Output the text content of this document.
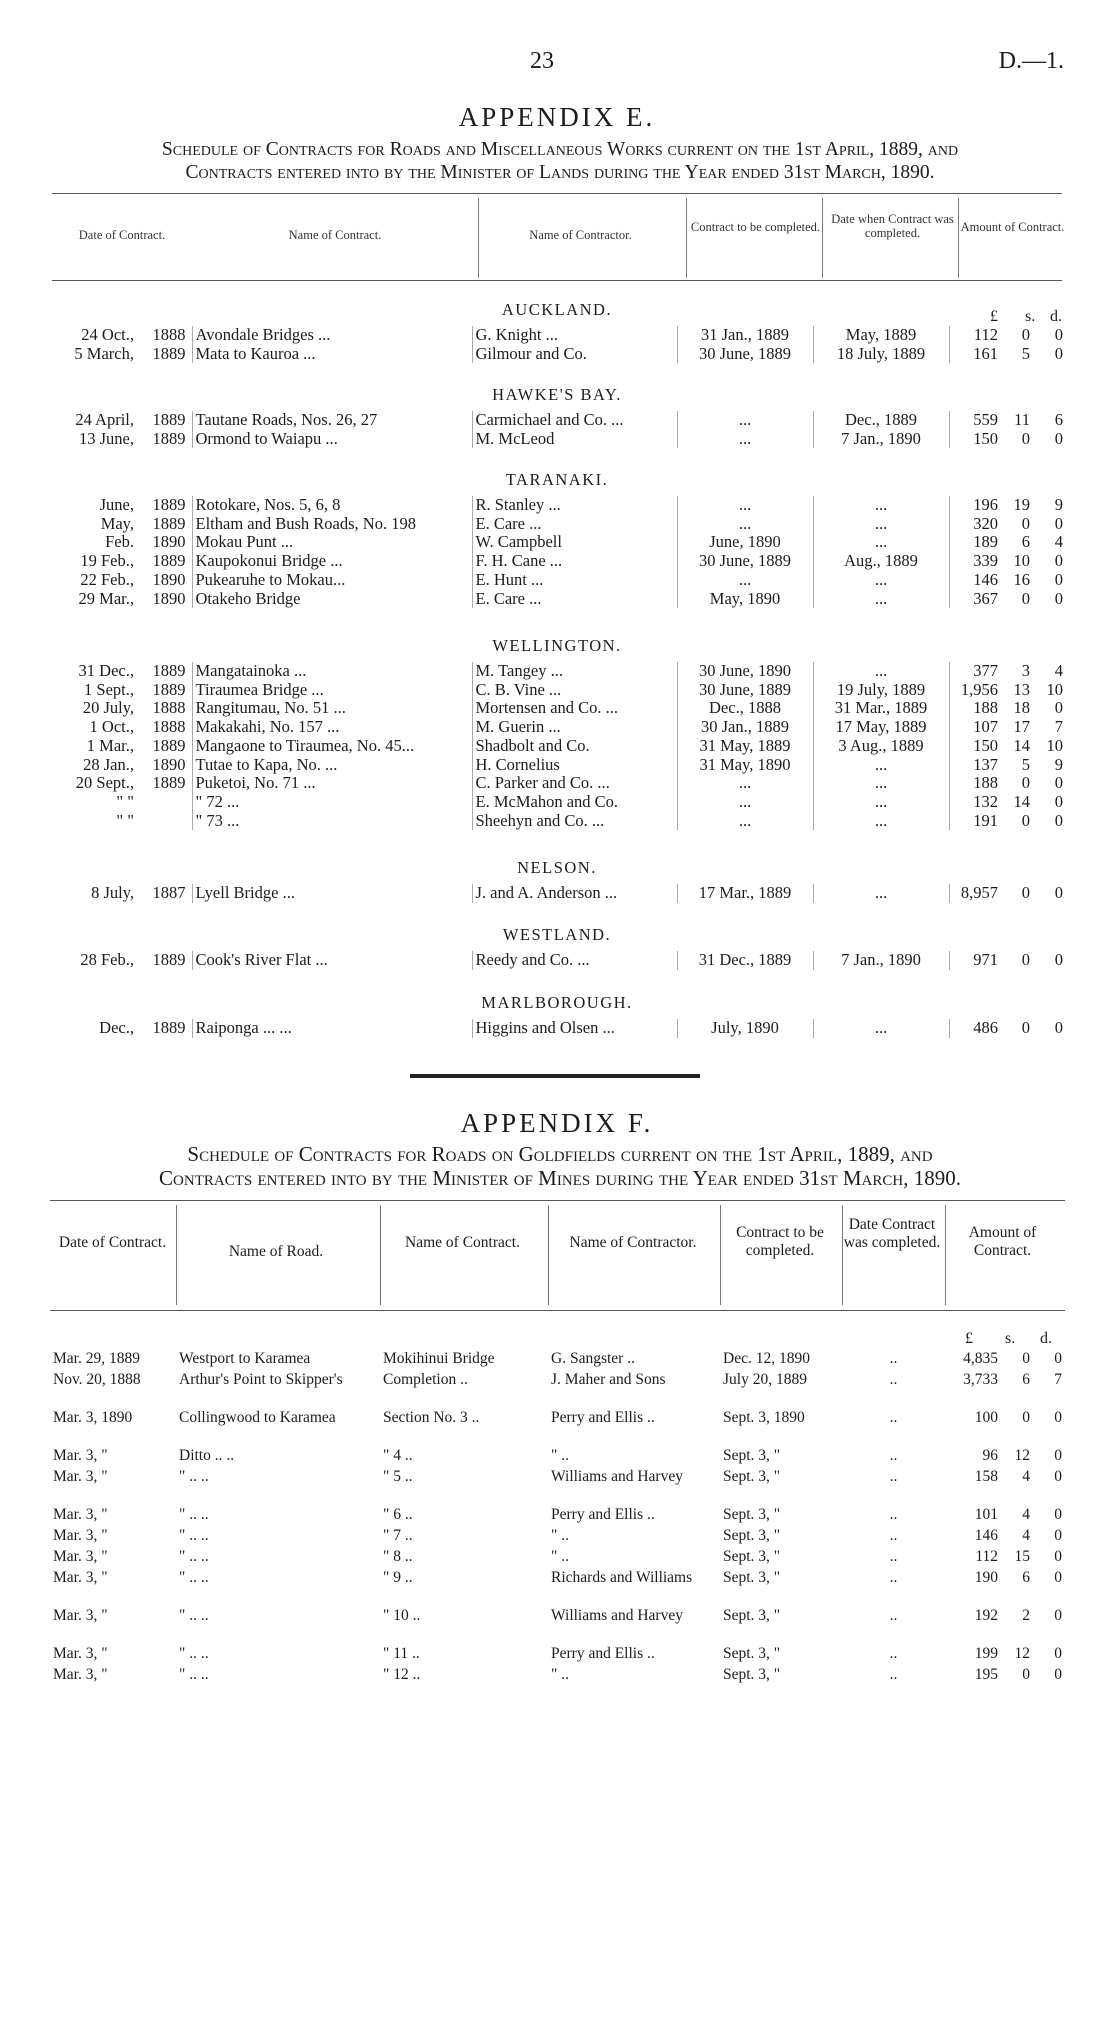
23	D.—1.
APPENDIX E.
Schedule of Contracts for Roads and Miscellaneous Works current on the 1st April, 1889, and
Contracts entered into by the Minister of Lands during the Year ended 31st March, 1890.
Date of Contract.	Name of Contract.	Name of Contractor.
Contract to be completed.
Date when Contract was completed.	Amount of Contract.
£ s. d.
AUCKLAND.
HAWKE'S BAY.
TARANAKI.
WELLINGTON.
NELSON.
WESTLAND.
MARLBOROUGH.
24 Oct.,	1888	Avondale Bridges ...	G. Knight ...	31 Jan., 1889	May, 1889	112	0	0
5 March,	1889	Mata to Kauroa ...	Gilmour and Co.	30 June, 1889	18 July, 1889	161	5	0
24 April,	1889	Tautane Roads, Nos. 26, 27	Carmichael and Co. ...	...	Dec., 1889	559	11	6
13 June,	1889	Ormond to Waiapu ...	M. McLeod	...	7 Jan., 1890	150	0	0
June,	1889	Rotokare, Nos. 5, 6, 8	R. Stanley ...	...	...	196	19	9
May,	1889	Eltham and Bush Roads, No. 198	E. Care ...	...	...	320	0	0
Feb.	1890	Mokau Punt ...	W. Campbell	June, 1890	...	189	6	4
19 Feb.,	1889	Kaupokonui Bridge ...	F. H. Cane ...	30 June, 1889	Aug., 1889	339	10	0
22 Feb.,	1890	Pukearuhe to Mokau...	E. Hunt ...	...	...	146	16	0
29 Mar.,	1890	Otakeho Bridge	E. Care ...	May, 1890	...	367	0	0
31 Dec.,	1889	Mangatainoka ...	M. Tangey ...	30 June, 1890	...	377	3	4
1 Sept.,	1889	Tiraumea Bridge ...	C. B. Vine ...	30 June, 1889	19 July, 1889	1,956	13	10
20 July,	1888	Rangitumau, No. 51 ...	Mortensen and Co. ...	Dec., 1888	31 Mar., 1889	188	18	0
1 Oct.,	1888	Makakahi, No. 157 ...	M. Guerin ...	30 Jan., 1889	17 May, 1889	107	17	7
1 Mar.,	1889	Mangaone to Tiraumea, No. 45...	Shadbolt and Co.	31 May, 1889	3 Aug., 1889	150	14	10
28 Jan.,	1890	Tutae to Kapa, No. ...	H. Cornelius	31 May, 1890	...	137	5	9
20 Sept.,	1889	Puketoi, No. 71 ...	C. Parker and Co. ...	...	...	188	0	0
" "		" 72 ...	E. McMahon and Co.	...	...	132	14	0
" "		" 73 ...	Sheehyn and Co. ...	...	...	191	0	0
8 July,	1887	Lyell Bridge ...	J. and A. Anderson ...	17 Mar., 1889	...	8,957	0	0
28 Feb.,	1889	Cook's River Flat ...	Reedy and Co. ...	31 Dec., 1889	7 Jan., 1890	971	0	0
Dec.,	1889	Raiponga ... ...	Higgins and Olsen ...	July, 1890	...	486	0	0
APPENDIX F.
Schedule of Contracts for Roads on Goldfields current on the 1st April, 1889, and
Contracts entered into by the Minister of Mines during the Year ended 31st March, 1890.
Date of Contract.
Name of Road.
Name of Contract.	Name of Contractor.
Contract to be completed.
Date Contract was completed.
Amount of Contract.
£ s. d.
Mar. 29, 1889	Westport to Karamea	Mokihinui Bridge	G. Sangster ..	Dec. 12, 1890	..	4,835	0	0
Nov. 20, 1888	Arthur's Point to Skipper's	Completion ..	J. Maher and Sons	July 20, 1889	..	3,733	6	7
Mar. 3, 1890	Collingwood to Karamea	Section No. 3 ..	Perry and Ellis ..	Sept. 3, 1890	..	100	0	0
Mar. 3, "	Ditto .. ..	" 4 ..	" ..	Sept. 3, "	..	96	12	0
Mar. 3, "	" .. ..	" 5 ..	Williams and Harvey	Sept. 3, "	..	158	4	0
Mar. 3, "	" .. ..	" 6 ..	Perry and Ellis ..	Sept. 3, "	..	101	4	0
Mar. 3, "	" .. ..	" 7 ..	" ..	Sept. 3, "	..	146	4	0
Mar. 3, "	" .. ..	" 8 ..	" ..	Sept. 3, "	..	112	15	0
Mar. 3, "	" .. ..	" 9 ..	Richards and Williams	Sept. 3, "	..	190	6	0
Mar. 3, "	" .. ..	" 10 ..	Williams and Harvey	Sept. 3, "	..	192	2	0
Mar. 3, "	" .. ..	" 11 ..	Perry and Ellis ..	Sept. 3, "	..	199	12	0
Mar. 3, "	" .. ..	" 12 ..	" ..	Sept. 3, "	..	195	0	0
